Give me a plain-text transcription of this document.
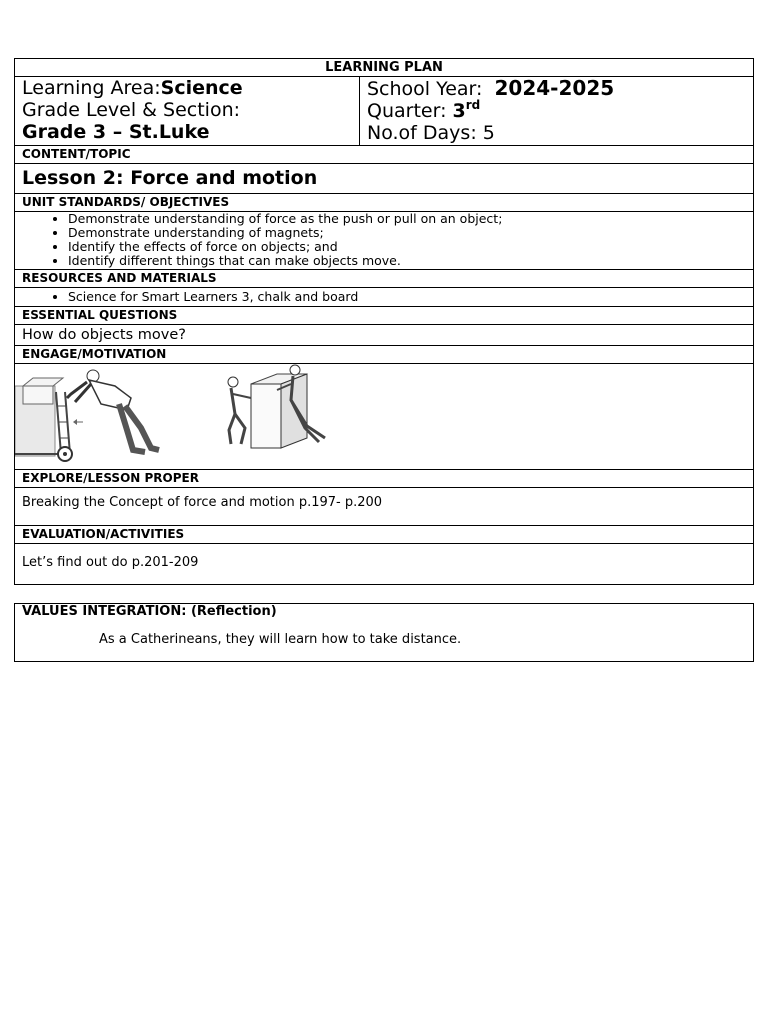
LEARNING PLAN
Learning Area:Science
Grade Level & Section:
Grade 3 – St.Luke
School Year: 2024-2025
Quarter: 3rd
No.of Days: 5
CONTENT/TOPIC
Lesson 2: Force and motion
UNIT STANDARDS/ OBJECTIVES
• Demonstrate understanding of force as the push or pull on an object;
• Demonstrate understanding of magnets;
• Identify the effects of force on objects; and
• Identify different things that can make objects move.
RESOURCES AND MATERIALS
• Science for Smart Learners 3, chalk and board
ESSENTIAL QUESTIONS
How do objects move?
ENGAGE/MOTIVATION
EXPLORE/LESSON PROPER
Breaking the Concept of force and motion p.197- p.200
EVALUATION/ACTIVITIES
Let’s find out do p.201-209
VALUES INTEGRATION: (Reflection)
As a Catherineans, they will learn how to take distance.
